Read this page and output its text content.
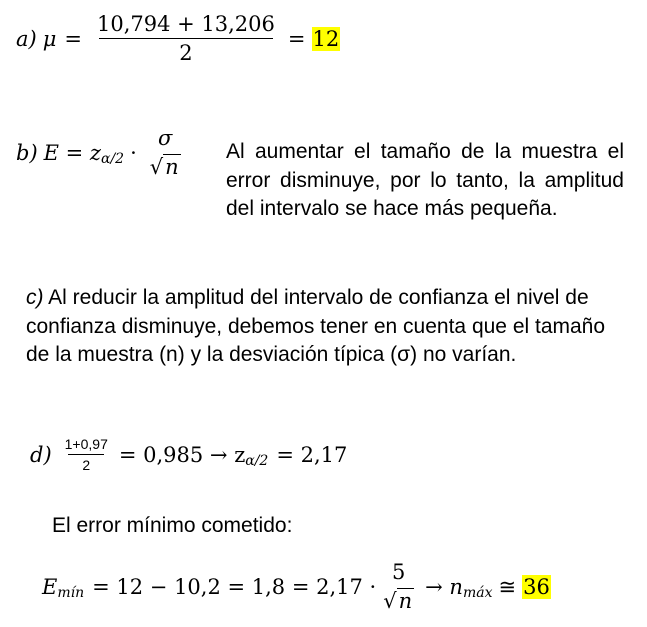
a) $\mu = \frac{10,794 + 13,206}{2} = 12$
b) E = z α/2 ·
σ
√ n
Al aumentar el tamaño de la muestra el error disminuye, por lo tanto, la amplitud del intervalo se hace más pequeña.
c) Al reducir la amplitud del intervalo de confianza el nivel de confianza disminuye, debemos tener en cuenta que el tamaño de la muestra (n) y la desviación típica (σ) no varían.
$d) \frac{1+0,97}{2} = 0,985 \to z$ α/2 = 2,17
El error mínimo cometido:
E mín = 12 − 10,2 = 1,8 = 2,17 ·
5
√ n
→ n máx ≅ 36
